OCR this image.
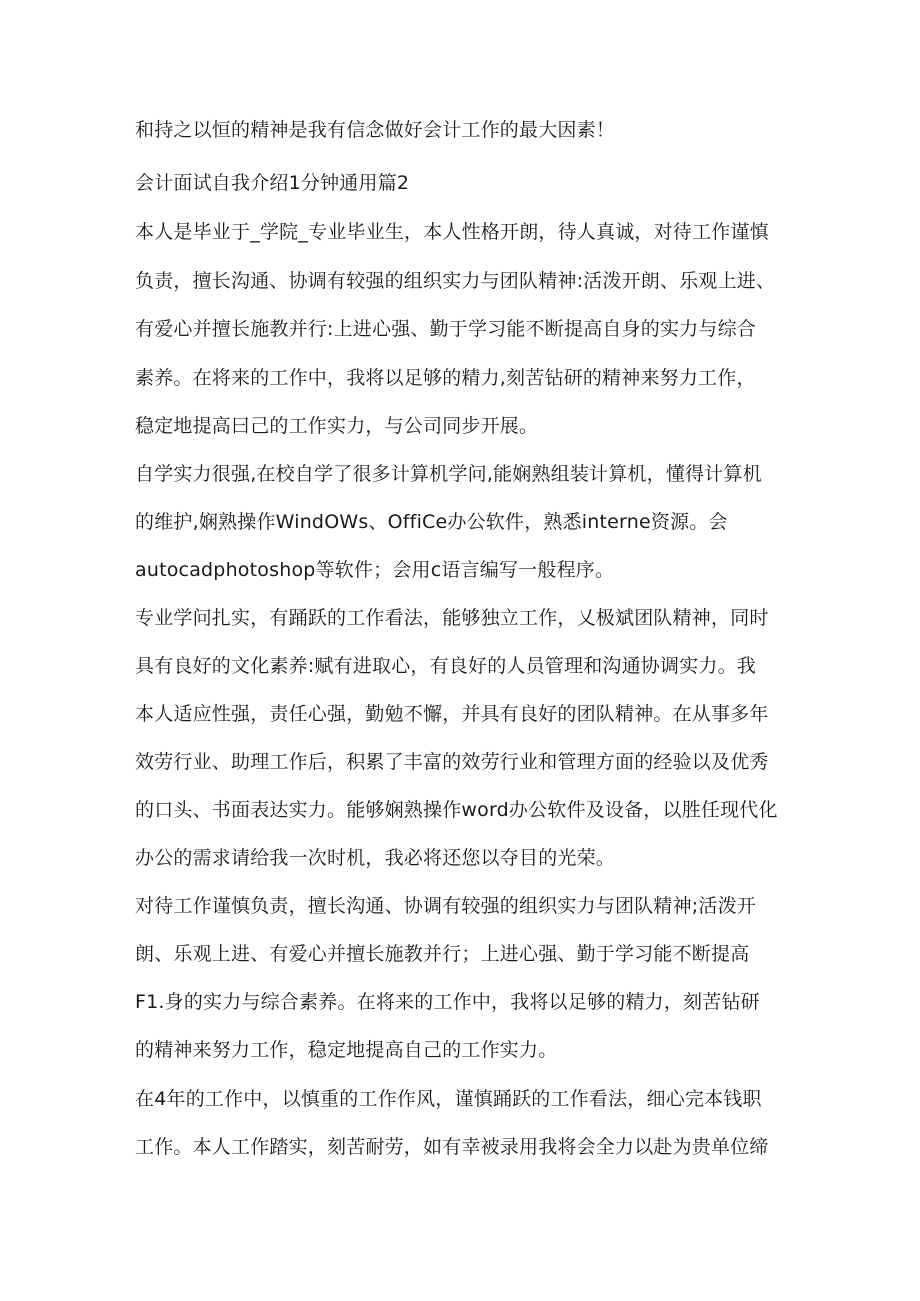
和持之以恒的精神是我有信念做好会计工作的最大因素！
会计面试自我介绍1分钟通用篇2
本人是毕业于_学院_专业毕业生，本人性格开朗，待人真诚，对待工作谨慎
负责，擅长沟通、协调有较强的组织实力与团队精神:活泼开朗、乐观上进、
有爱心并擅长施教并行:上进心强、勤于学习能不断提高自身的实力与综合
素养。在将来的工作中，我将以足够的精力,刻苦钻研的精神来努力工作，
稳定地提高曰己的工作实力，与公司同步开展。
自学实力很强,在校自学了很多计算机学问,能娴熟组装计算机，懂得计算机
的维护,娴熟操作WindOWs、OffiCe办公软件，熟悉interne资源。会
autocadphotoshop等软件；会用c语言编写一般程序。
专业学问扎实，有踊跃的工作看法，能够独立工作，乂极斌团队精神，同时
具有良好的文化素养:赋有进取心，有良好的人员管理和沟通协调实力。我
本人适应性强，责任心强，勤勉不懈，并具有良好的团队精神。在从事多年
效劳行业、助理工作后，积累了丰富的效劳行业和管理方面的经验以及优秀
的口头、书面表达实力。能够娴熟操作word办公软件及设备，以胜任现代化
办公的需求请给我一次时机，我必将还您以夺目的光荣。
对待工作谨慎负责，擅长沟通、协调有较强的组织实力与团队精神;活泼开
朗、乐观上进、有爱心并擅长施教并行；上进心强、勤于学习能不断提高
F1.身的实力与综合素养。在将来的工作中，我将以足够的精力，刻苦钻研
的精神来努力工作，稳定地提高自己的工作实力。
在4年的工作中，以慎重的工作作风，谨慎踊跃的工作看法，细心完本钱职
工作。本人工作踏实，刻苦耐劳，如有幸被录用我将会全力以赴为贵单位缔
